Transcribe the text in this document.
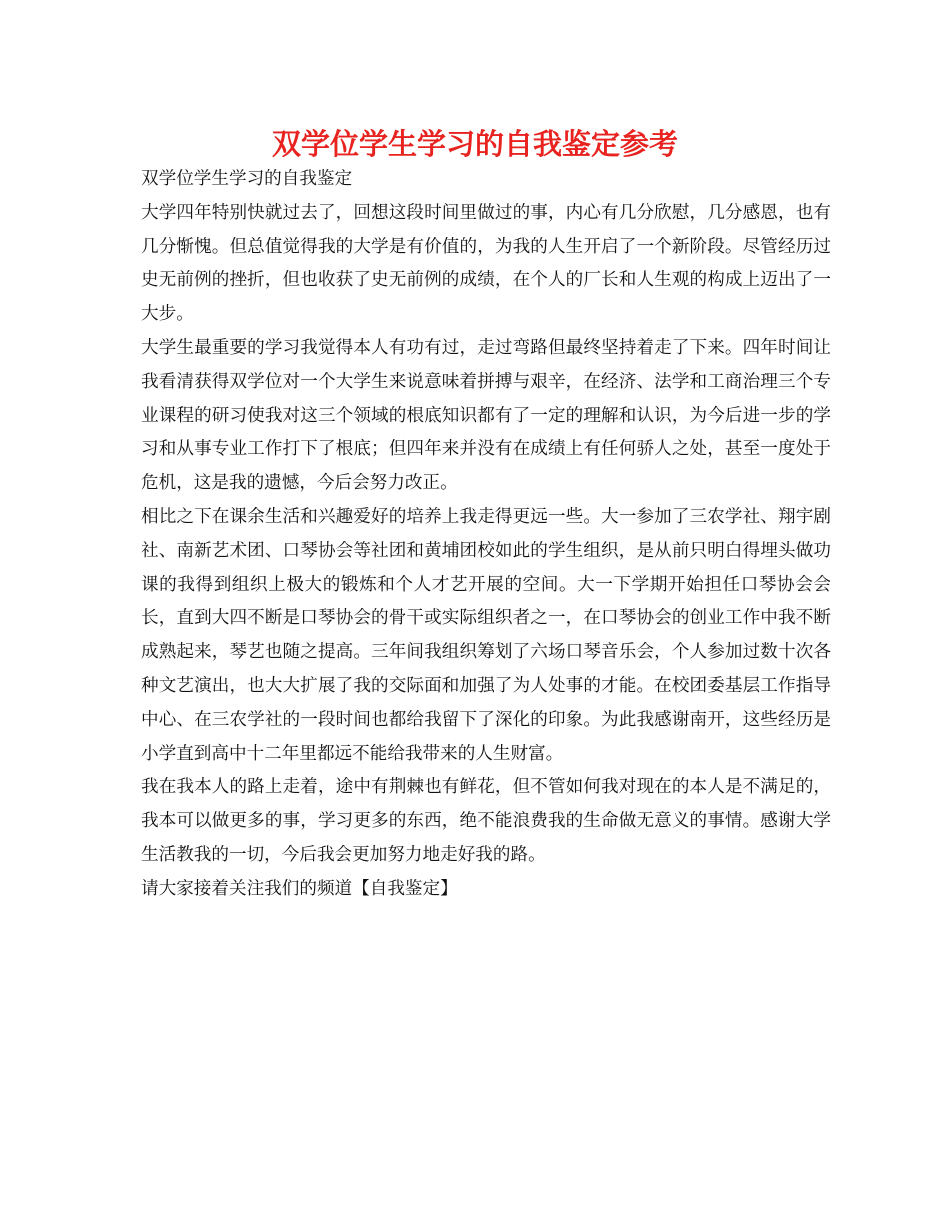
双学位学生学习的自我鉴定参考

双学位学生学习的自我鉴定

大学四年特别快就过去了，回想这段时间里做过的事，内心有几分欣慰，几分感恩，也有几分惭愧。但总值觉得我的大学是有价值的，为我的人生开启了一个新阶段。尽管经历过史无前例的挫折，但也收获了史无前例的成绩，在个人的厂长和人生观的构成上迈出了一大步。

大学生最重要的学习我觉得本人有功有过，走过弯路但最终坚持着走了下来。四年时间让我看清获得双学位对一个大学生来说意味着拼搏与艰辛，在经济、法学和工商治理三个专业课程的研习使我对这三个领域的根底知识都有了一定的理解和认识，为今后进一步的学习和从事专业工作打下了根底；但四年来并没有在成绩上有任何骄人之处，甚至一度处于危机，这是我的遗憾，今后会努力改正。

相比之下在课余生活和兴趣爱好的培养上我走得更远一些。大一参加了三农学社、翔宇剧社、南新艺术团、口琴协会等社团和黄埔团校如此的学生组织，是从前只明白得埋头做功课的我得到组织上极大的锻炼和个人才艺开展的空间。大一下学期开始担任口琴协会会长，直到大四不断是口琴协会的骨干或实际组织者之一，在口琴协会的创业工作中我不断成熟起来，琴艺也随之提高。三年间我组织筹划了六场口琴音乐会，个人参加过数十次各种文艺演出，也大大扩展了我的交际面和加强了为人处事的才能。在校团委基层工作指导中心、在三农学社的一段时间也都给我留下了深化的印象。为此我感谢南开，这些经历是小学直到高中十二年里都远不能给我带来的人生财富。

我在我本人的路上走着，途中有荆棘也有鲜花，但不管如何我对现在的本人是不满足的，我本可以做更多的事，学习更多的东西，绝不能浪费我的生命做无意义的事情。感谢大学生活教我的一切，今后我会更加努力地走好我的路。

请大家接着关注我们的频道【自我鉴定】
